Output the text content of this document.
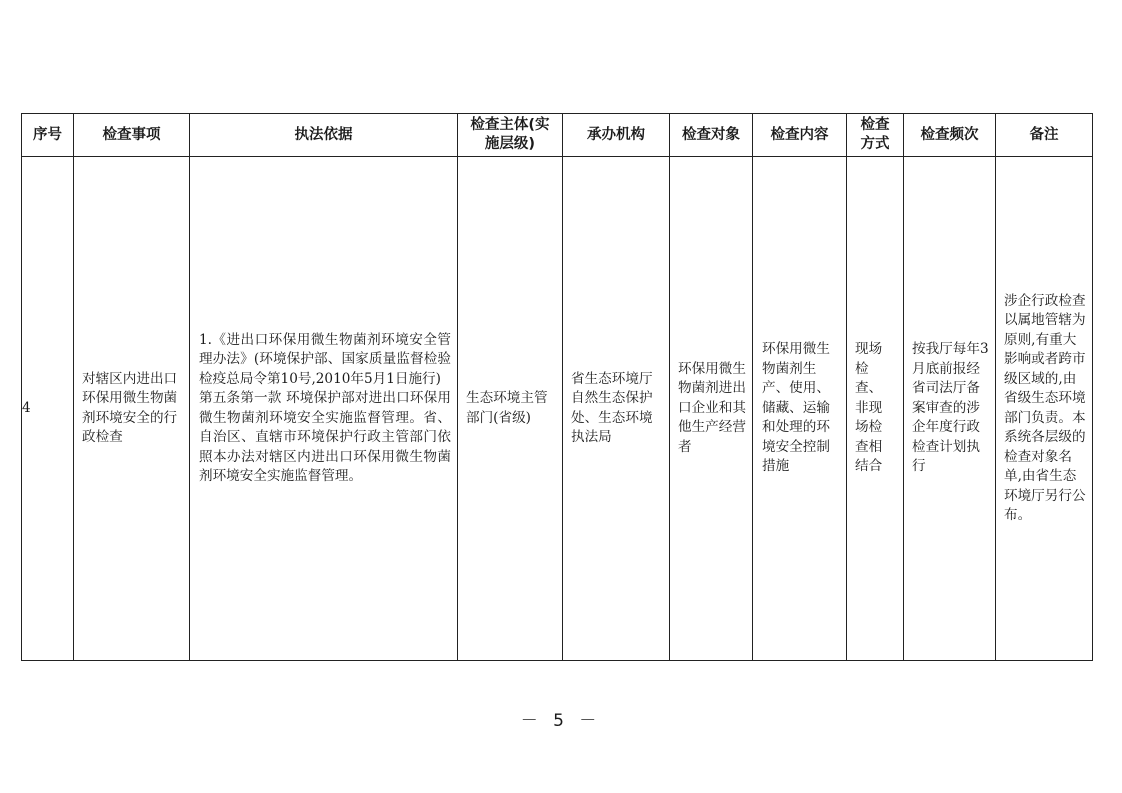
序号	检查事项	执法依据	检查主体(实施层级)	承办机构	检查对象	检查内容	检查方式	检查频次	备注
4	对辖区内进出口环保用微生物菌剂环境安全的行政检查	1.《进出口环保用微生物菌剂环境安全管理办法》(环境保护部、国家质量监督检验检疫总局令第10号,2010年5月1日施行)
第五条第一款 环境保护部对进出口环保用微生物菌剂环境安全实施监督管理。省、自治区、直辖市环境保护行政主管部门依照本办法对辖区内进出口环保用微生物菌剂环境安全实施监督管理。	生态环境主管部门(省级)	省生态环境厅自然生态保护处、生态环境执法局	环保用微生物菌剂进出口企业和其他生产经营者	环保用微生物菌剂生产、使用、储藏、运输和处理的环境安全控制措施	现场检查、非现场检查相结合	按我厅每年3月底前报经省司法厅备案审查的涉企年度行政检查计划执行	涉企行政检查以属地管辖为原则,有重大影响或者跨市级区域的,由省级生态环境部门负责。本系统各层级的检查对象名单,由省生态环境厅另行公布。
－ 5 －
